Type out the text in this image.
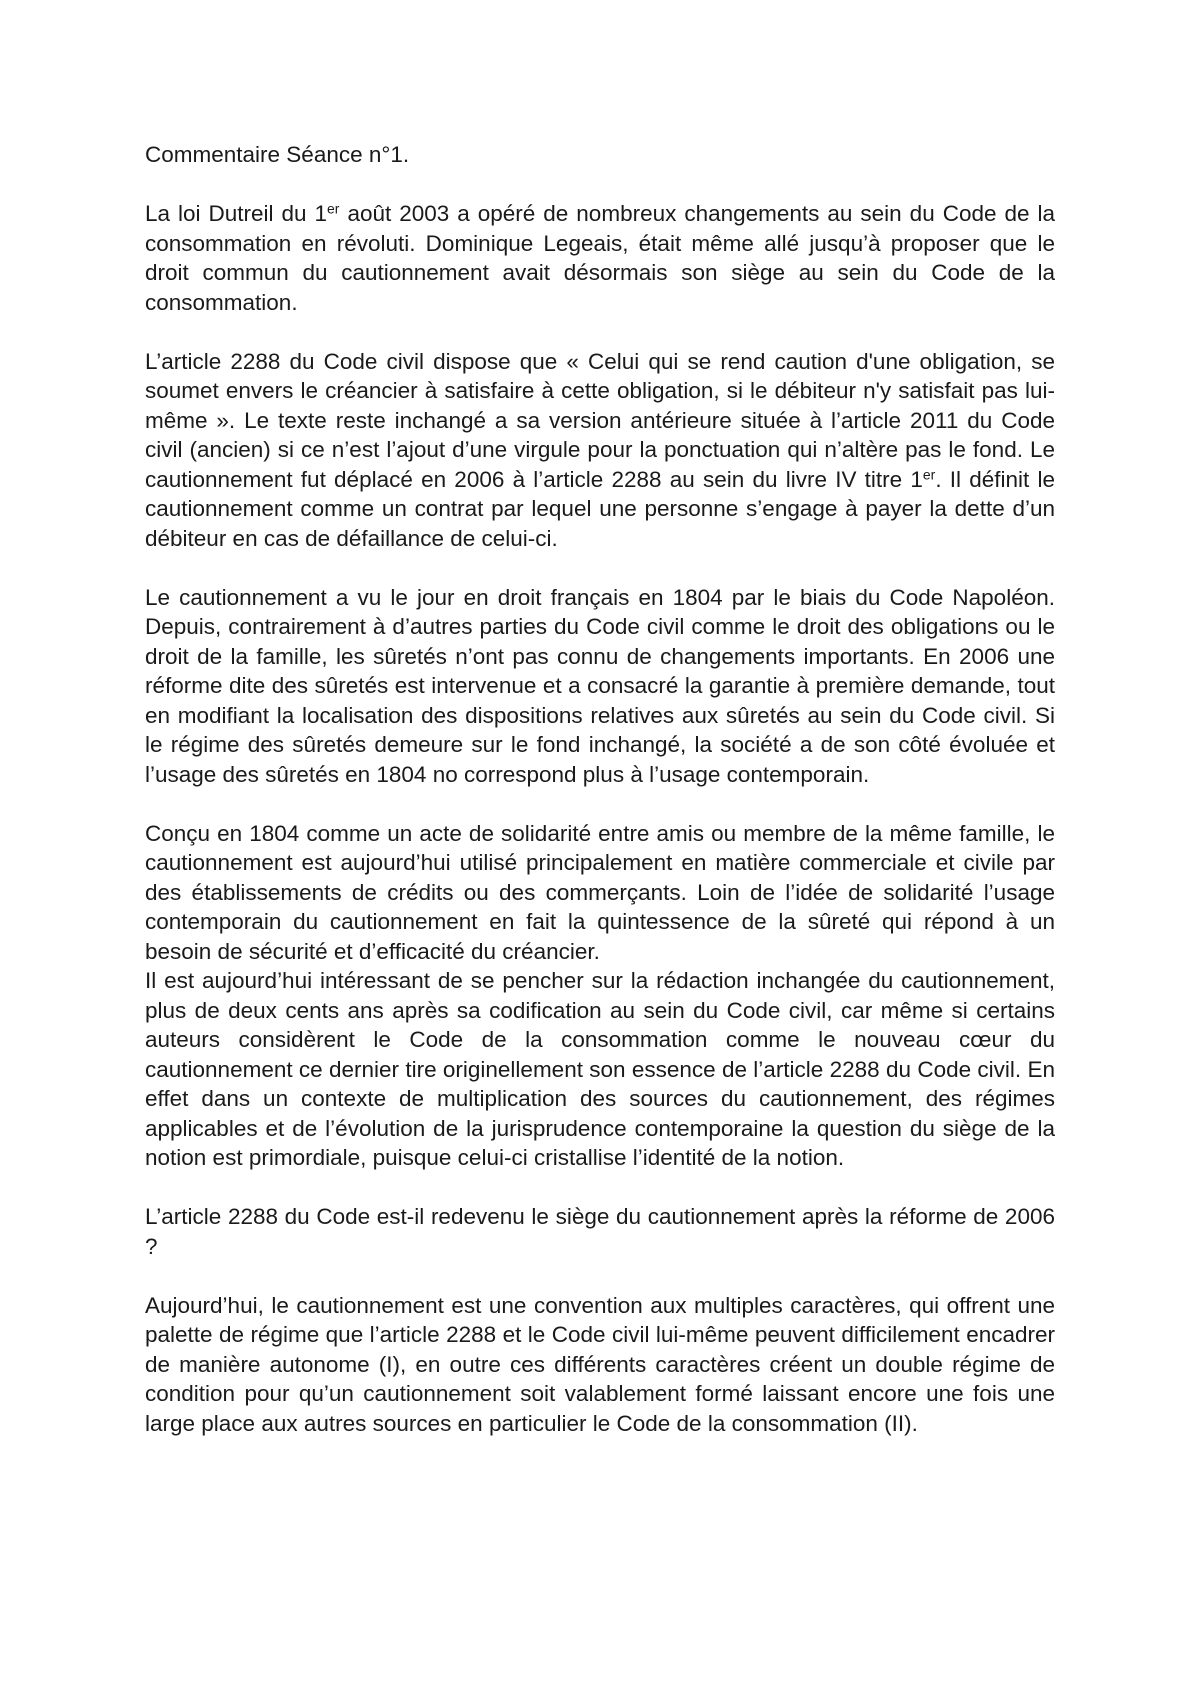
Commentaire Séance n°1.

La loi Dutreil du 1er août 2003 a opéré de nombreux changements au sein du Code de la consommation en révoluti. Dominique Legeais, était même allé jusqu’à proposer que le droit commun du cautionnement avait désormais son siège au sein du Code de la consommation.

L’article 2288 du Code civil dispose que « Celui qui se rend caution d'une obligation, se soumet envers le créancier à satisfaire à cette obligation, si le débiteur n'y satisfait pas lui-même ». Le texte reste inchangé a sa version antérieure située à l’article 2011 du Code civil (ancien) si ce n’est l’ajout d’une virgule pour la ponctuation qui n’altère pas le fond. Le cautionnement fut déplacé en 2006 à l’article 2288 au sein du livre IV titre 1er. Il définit le cautionnement comme un contrat par lequel une personne s’engage à payer la dette d’un débiteur en cas de défaillance de celui-ci.

Le cautionnement a vu le jour en droit français en 1804 par le biais du Code Napoléon. Depuis, contrairement à d’autres parties du Code civil comme le droit des obligations ou le droit de la famille, les sûretés n’ont pas connu de changements importants. En 2006 une réforme dite des sûretés est intervenue et a consacré la garantie à première demande, tout en modifiant la localisation des dispositions relatives aux sûretés au sein du Code civil. Si le régime des sûretés demeure sur le fond inchangé, la société a de son côté évoluée et l’usage des sûretés en 1804 no correspond plus à l’usage contemporain.

Conçu en 1804 comme un acte de solidarité entre amis ou membre de la même famille, le cautionnement est aujourd’hui utilisé principalement en matière commerciale et civile par des établissements de crédits ou des commerçants. Loin de l’idée de solidarité l’usage contemporain du cautionnement en fait la quintessence de la sûreté qui répond à un besoin de sécurité et d’efficacité du créancier.

Il est aujourd’hui intéressant de se pencher sur la rédaction inchangée du cautionnement, plus de deux cents ans après sa codification au sein du Code civil, car même si certains auteurs considèrent le Code de la consommation comme le nouveau cœur du cautionnement ce dernier tire originellement son essence de l’article 2288 du Code civil. En effet dans un contexte de multiplication des sources du cautionnement, des régimes applicables et de l’évolution de la jurisprudence contemporaine la question du siège de la notion est primordiale, puisque celui-ci cristallise l’identité de la notion.

L’article 2288 du Code est-il redevenu le siège du cautionnement après la réforme de 2006 ?

Aujourd’hui, le cautionnement est une convention aux multiples caractères, qui offrent une palette de régime que l’article 2288 et le Code civil lui-même peuvent difficilement encadrer de manière autonome (I), en outre ces différents caractères créent un double régime de condition pour qu’un cautionnement soit valablement formé laissant encore une fois une large place aux autres sources en particulier le Code de la consommation (II).
